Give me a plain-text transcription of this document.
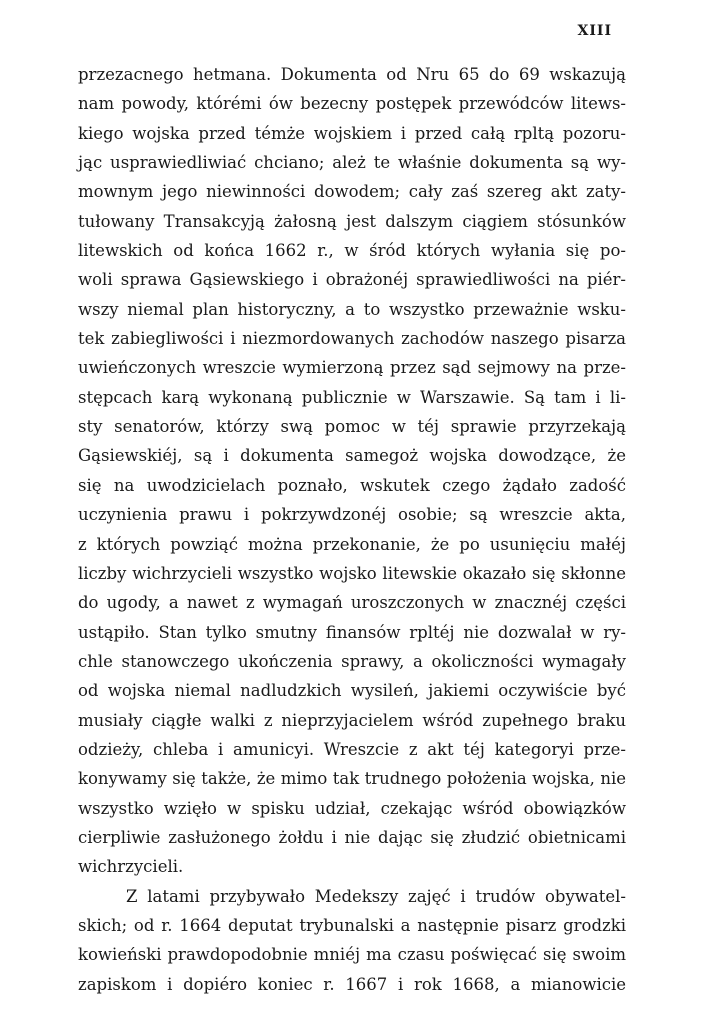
XIII
przezacnego hetmana. Dokumenta od Nru 65 do 69 wskazują
nam powody, którémi ów bezecny postępek przewódców litews-
kiego wojska przed témże wojskiem i przed całą rpltą pozoru-
jąc usprawiedliwiać chciano; ależ te właśnie dokumenta są wy-
mownym jego niewinności dowodem; cały zaś szereg akt zaty-
tułowany Transakcyją żałosną jest dalszym ciągiem stósunków
litewskich od końca 1662 r., w śród których wyłania się po-
woli sprawa Gąsiewskiego i obrażonéj sprawiedliwości na piér-
wszy niemal plan historyczny, a to wszystko przeważnie wsku-
tek zabiegliwości i niezmordowanych zachodów naszego pisarza
uwieńczonych wreszcie wymierzoną przez sąd sejmowy na prze-
stępcach karą wykonaną publicznie w Warszawie. Są tam i li-
sty senatorów, którzy swą pomoc w téj sprawie przyrzekają
Gąsiewskiéj, są i dokumenta samegoż wojska dowodzące, że
się na uwodzicielach poznało, wskutek czego żądało zadość
uczynienia prawu i pokrzywdzonéj osobie; są wreszcie akta,
z których powziąć można przekonanie, że po usunięciu małéj
liczby wichrzycieli wszystko wojsko litewskie okazało się skłonne
do ugody, a nawet z wymagań uroszczonych w znacznéj części
ustąpiło. Stan tylko smutny finansów rpltéj nie dozwalał w ry-
chle stanowczego ukończenia sprawy, a okoliczności wymagały
od wojska niemal nadludzkich wysileń, jakiemi oczywiście być
musiały ciągłe walki z nieprzyjacielem wśród zupełnego braku
odzieży, chleba i amunicyi. Wreszcie z akt téj kategoryi prze-
konywamy się także, że mimo tak trudnego położenia wojska, nie
wszystko wzięło w spisku udział, czekając wśród obowiązków
cierpliwie zasłużonego żołdu i nie dając się złudzić obietnicami
wichrzycieli.
Z latami przybywało Medekszy zajęć i trudów obywatel-
skich; od r. 1664 deputat trybunalski a następnie pisarz grodzki
kowieński prawdopodobnie mniéj ma czasu poświęcać się swoim
zapiskom i dopiéro koniec r. 1667 i rok 1668, a mianowicie
